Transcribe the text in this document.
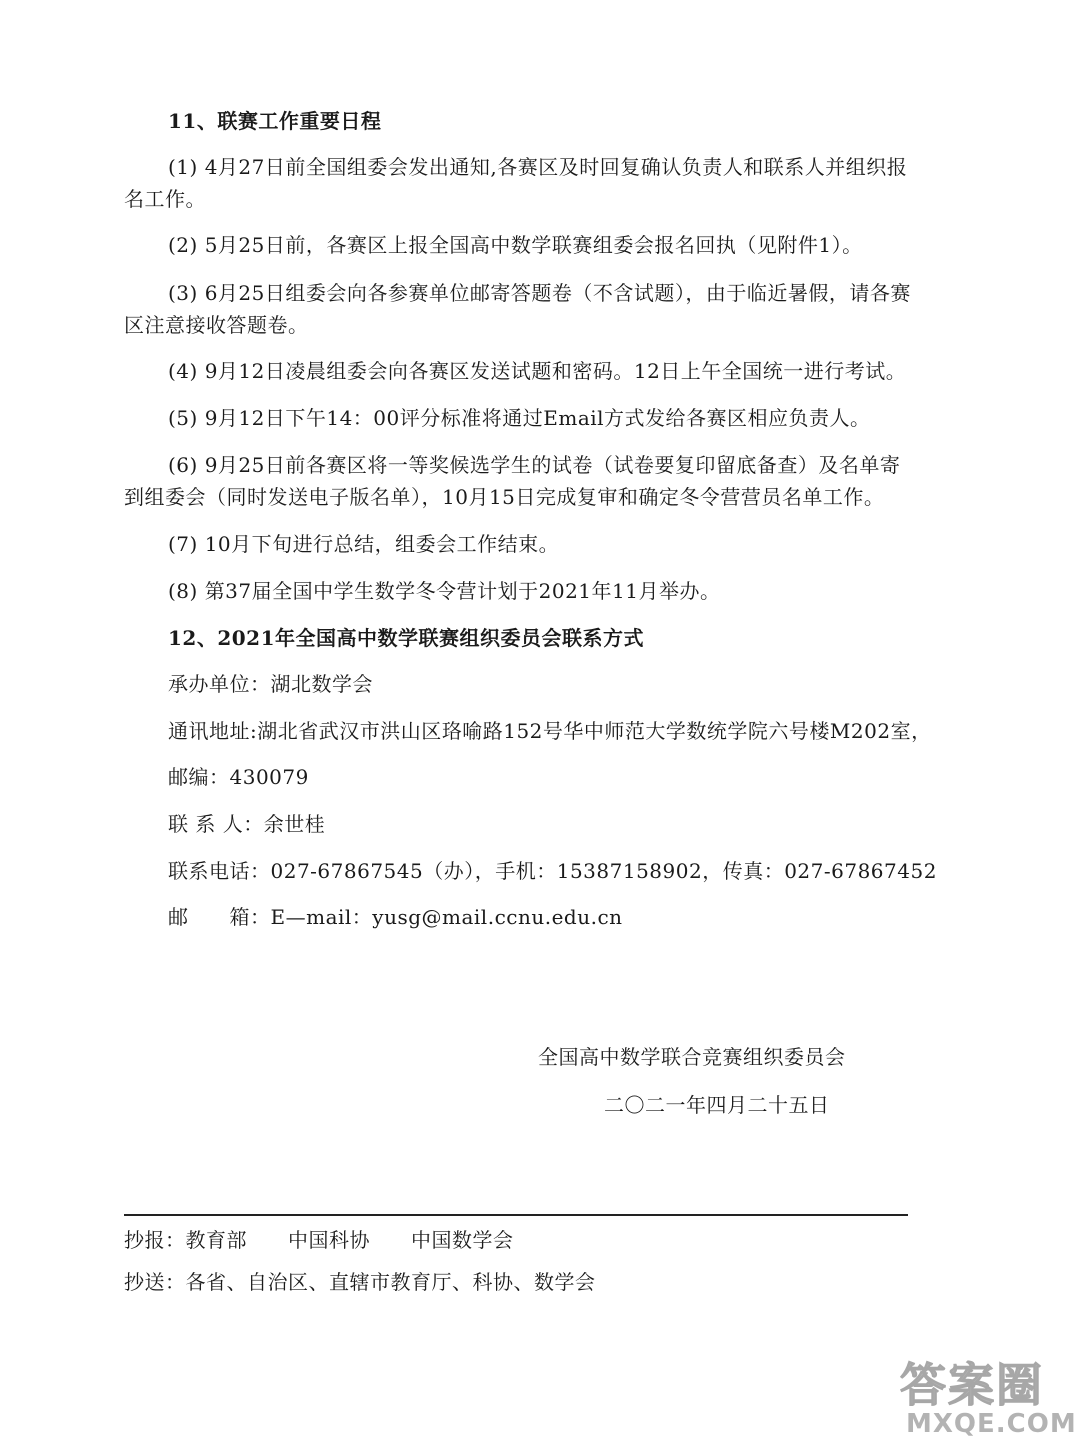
11、联赛工作重要日程
(1) 4月27日前全国组委会发出通知,各赛区及时回复确认负责人和联系人并组织报
名工作。
(2) 5月25日前，各赛区上报全国高中数学联赛组委会报名回执（见附件1）。
(3) 6月25日组委会向各参赛单位邮寄答题卷（不含试题），由于临近暑假，请各赛
区注意接收答题卷。
(4) 9月12日凌晨组委会向各赛区发送试题和密码。12日上午全国统一进行考试。
(5) 9月12日下午14：00评分标准将通过Email方式发给各赛区相应负责人。
(6) 9月25日前各赛区将一等奖候选学生的试卷（试卷要复印留底备查）及名单寄
到组委会（同时发送电子版名单），10月15日完成复审和确定冬令营营员名单工作。
(7) 10月下旬进行总结，组委会工作结束。
(8) 第37届全国中学生数学冬令营计划于2021年11月举办。
12、2021年全国高中数学联赛组织委员会联系方式
承办单位：湖北数学会
通讯地址:湖北省武汉市洪山区珞喻路152号华中师范大学数统学院六号楼M202室，
邮编：430079
联 系 人：余世桂
联系电话：027-67867545（办），手机：15387158902，传真：027-67867452
邮　　箱：E—mail：yusg@mail.ccnu.edu.cn
全国高中数学联合竞赛组织委员会
二〇二一年四月二十五日
抄报：教育部　　中国科协　　中国数学会
抄送：各省、自治区、直辖市教育厅、科协、数学会
答案圈
MXQE.COM
